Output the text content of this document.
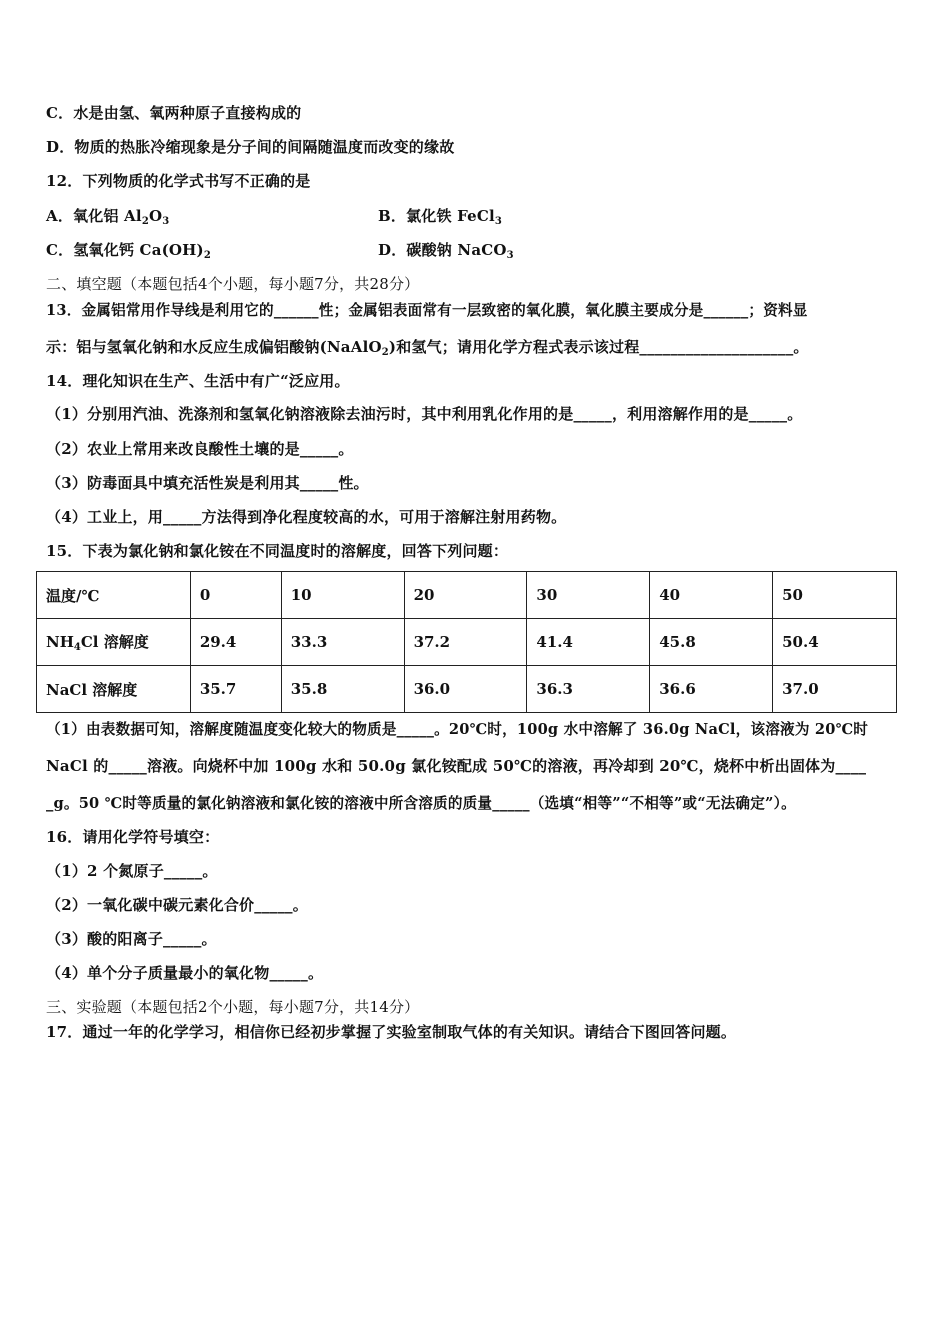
C．水是由氢、氧两种原子直接构成的
D．物质的热胀冷缩现象是分子间的间隔随温度而改变的缘故
12．下列物质的化学式书写不正确的是
A．氧化铝 $Al_2O_3$	B．氯化铁 FeCl$_3$
C．氢氧化钙 $Ca(OH)_2$	D．碳酸钠 NaCO$_3$
二、填空题（本题包括4个小题，每小题7分，共28分）
13．金属铝常用作导线是利用它的______性；金属铝表面常有一层致密的氧化膜，氧化膜主要成分是______；资料显
示：铝与氢氧化钠和水反应生成偏铝酸钠(NaAlO$_2$)和氢气；请用化学方程式表示该过程____________________。
14．理化知识在生产、生活中有广“泛应用。
（1）分别用汽油、洗涤剂和氢氧化钠溶液除去油污时，其中利用乳化作用的是_____，利用溶解作用的是_____。
（2）农业上常用来改良酸性土壤的是_____。
（3）防毒面具中填充活性炭是利用其_____性。
（4）工业上，用_____方法得到净化程度较高的水，可用于溶解注射用药物。
15．下表为氯化钠和氯化铵在不同温度时的溶解度，回答下列问题：
温度/℃	0	10	20	30	40	50
$NH_4Cl$ 溶解度	29.4	33.3	37.2	41.4	45.8	50.4
NaCl 溶解度	35.7	35.8	36.0	36.3	36.6	37.0
（1）由表数据可知，溶解度随温度变化较大的物质是_____。20℃时，100g 水中溶解了 36.0g NaCl，该溶液为 20℃时
NaCl 的_____溶液。向烧杯中加 100g 水和 50.0g 氯化铵配成 50℃的溶液，再冷却到 20℃，烧杯中析出固体为____
_g。50 ℃时等质量的氯化钠溶液和氯化铵的溶液中所含溶质的质量_____（选填“相等”“不相等”或“无法确定”）。
16．请用化学符号填空：
（1）2 个氮原子_____。
（2）一氧化碳中碳元素化合价_____。
（3）酸的阳离子_____。
（4）单个分子质量最小的氧化物_____。
三、实验题（本题包括2个小题，每小题7分，共14分）
17．通过一年的化学学习，相信你已经初步掌握了实验室制取气体的有关知识。请结合下图回答问题。
